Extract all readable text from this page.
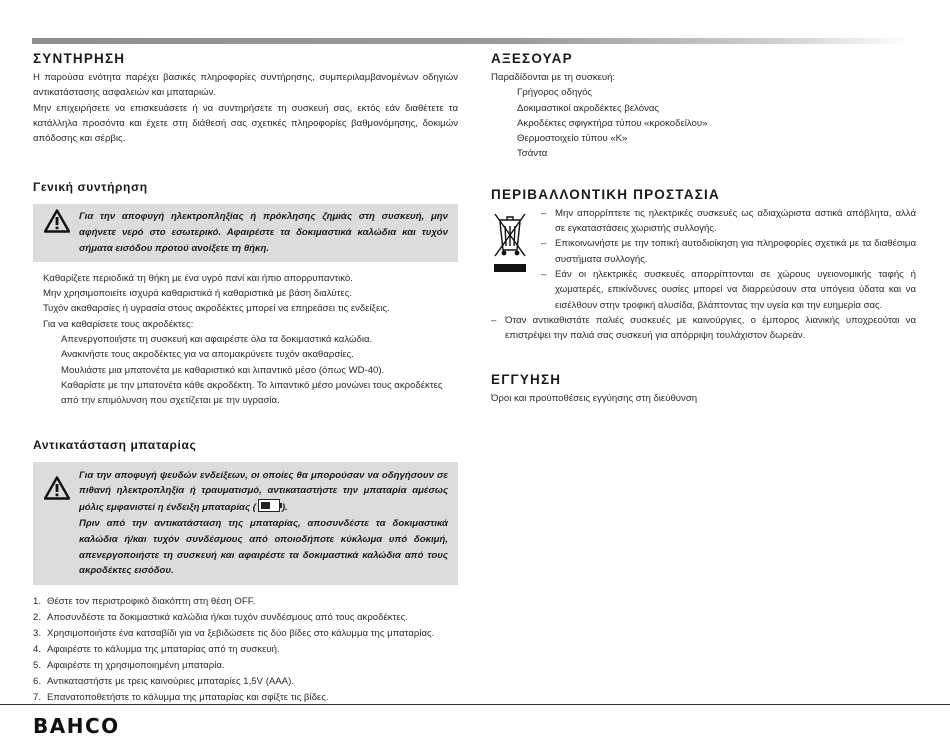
ΣΥΝΤΗΡΗΣΗ

Η παρούσα ενότητα παρέχει βασικές πληροφορίες συντήρησης, συμπεριλαμβανομένων οδηγιών αντικατάστασης ασφαλειών και μπαταριών.

Μην επιχειρήσετε να επισκευάσετε ή να συντηρήσετε τη συσκευή σας, εκτός εάν διαθέτετε τα κατάλληλα προσόντα και έχετε στη διάθεσή σας σχετικές πληροφορίες βαθμονόμησης, δοκιμών απόδοσης και σέρβις.

Γενική συντήρηση
Για την αποφυγή ηλεκτροπληξίας ή πρόκλησης ζημιάς στη συσκευή, μην αφήνετε νερό στο εσωτερικό. Αφαιρέστε τα δοκιμαστικά καλώδια και τυχόν σήματα εισόδου προτού ανοίξετε τη θήκη.
Καθαρίζετε περιοδικά τη θήκη με ένα υγρό πανί και ήπιο απορρυπαντικό.
Μην χρησιμοποιείτε ισχυρά καθαριστικά ή καθαριστικά με βάση διαλύτες.
Τυχόν ακαθαρσίες ή υγρασία στους ακροδέκτες μπορεί να επηρεάσει τις ενδείξεις.
Για να καθαρίσετε τους ακροδέκτες:
Απενεργοποιήστε τη συσκευή και αφαιρέστε όλα τα δοκιμαστικά καλώδια.
Ανακινήστε τους ακροδέκτες για να απομακρύνετε τυχόν ακαθαρσίες.
Μουλιάστε μια μπατονέτα με καθαριστικό και λιπαντικό μέσο (όπως WD-40).
Καθαρίστε με την μπατονέτα κάθε ακροδέκτη. Το λιπαντικό μέσο μονώνει τους ακροδέκτες από την επιμόλυνση που σχετίζεται με την υγρασία.
Αντικατάσταση μπαταρίας
Για την αποφυγή ψευδών ενδείξεων, οι οποίες θα μπορούσαν να οδηγήσουν σε πιθανή ηλεκτροπληξία ή τραυματισμό, αντικαταστήστε την μπαταρία αμέσως μόλις εμφανιστεί η ένδειξη μπαταρίας (	).
Πριν από την αντικατάσταση της μπαταρίας, αποσυνδέστε τα δοκιμαστικά καλώδια ή/και τυχόν συνδέσμους από οποιοδήποτε κύκλωμα υπό δοκιμή, απενεργοποιήστε τη συσκευή και αφαιρέστε τα δοκιμαστικά καλώδια από τους ακροδέκτες εισόδου.
1. Θέστε τον περιστροφικό διακόπτη στη θέση OFF.
2. Αποσυνδέστε τα δοκιμαστικά καλώδια ή/και τυχόν συνδέσμους από τους ακροδέκτες.
3. Χρησιμοποιήστε ένα κατσαβίδι για να ξεβιδώσετε τις δύο βίδες στο κάλυμμα της μπαταρίας.
4. Αφαιρέστε το κάλυμμα της μπαταρίας από τη συσκευή.
5. Αφαιρέστε τη χρησιμοποιημένη μπαταρία.
6. Αντικαταστήστε με τρεις καινούριες μπαταρίες 1,5V (AAA).
7. Επανατοποθετήστε το κάλυμμα της μπαταρίας και σφίξτε τις βίδες.
ΑΞΕΣΟΥΑΡ
Παραδίδονται με τη συσκευή:
Γρήγορος οδηγός
Δοκιμαστικοί ακροδέκτες βελόνας
Ακροδέκτες σφιγκτήρα τύπου «κροκοδείλου»
Θερμοστοιχείο τύπου «K»
Τσάντα
ΠΕΡΙΒΑΛΛΟΝΤΙΚΗ ΠΡΟΣΤΑΣΙΑ
– Μην απορρίπτετε τις ηλεκτρικές συσκευές ως αδιαχώριστα αστικά απόβλητα, αλλά σε εγκαταστάσεις χωριστής συλλογής.
– Επικοινωνήστε με την τοπική αυτοδιοίκηση για πληροφορίες σχετικά με τα διαθέσιμα συστήματα συλλογής.
– Εάν οι ηλεκτρικές συσκευές απορρίπτονται σε χώρους υγειονομικής ταφής ή χωματερές, επικίνδυνες ουσίες μπορεί να διαρρεύσουν στα υπόγεια ύδατα και να εισέλθουν στην τροφική αλυσίδα, βλάπτοντας την υγεία και την ευημερία σας.
– Όταν αντικαθιστάτε παλιές συσκευές με καινούργιες, ο έμπορος λιανικής υποχρεούται να επιστρέψει την παλιά σας συσκευή για απόρριψη τουλάχιστον δωρεάν.
ΕΓΓΥΗΣΗ
Όροι και προϋποθέσεις εγγύησης στη διεύθυνση
BAHCO
